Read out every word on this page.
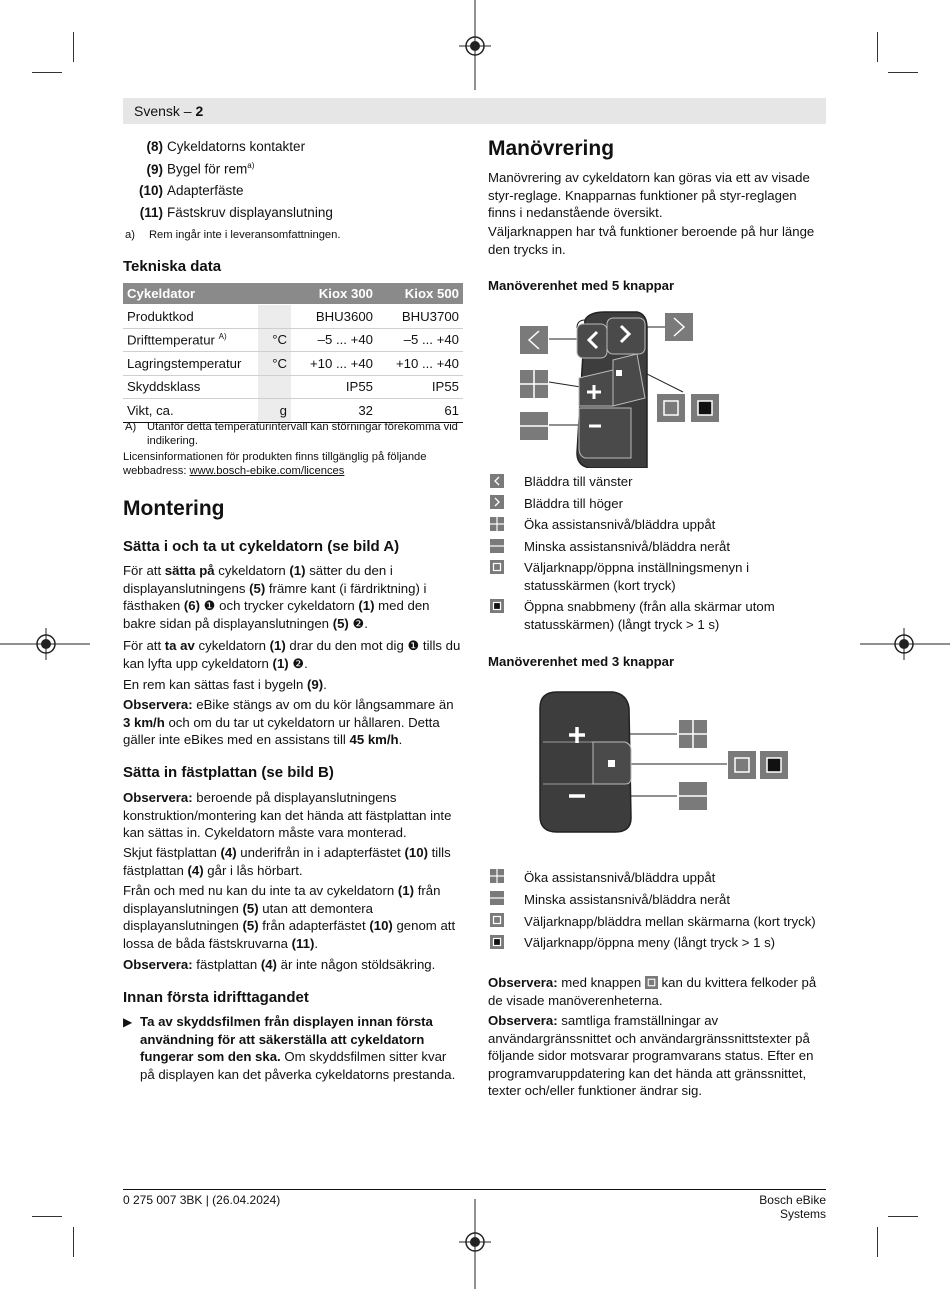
Svensk – 2
(8) Cykeldatorns kontakter
(9) Bygel för rem$^{a)}$
(10) Adapterfäste
(11) Fästskruv displayanslutning
a) Rem ingår inte i leveransomfattningen.
Tekniska data
Cykeldator		Kiox 300	Kiox 500
Produktkod		BHU3600	BHU3700
Drifttemperatur $^{A)}$	°C	–5 ... +40	–5 ... +40
Lagringstemperatur	°C	+10 ... +40	+10 ... +40
Skyddsklass		IP55	IP55
Vikt, ca.	g	32	61
A) Utanför detta temperaturintervall kan störningar förekomma vid indikering.
Licensinformationen för produkten finns tillgänglig på följande webbadress: www.bosch-ebike.com/licences
Montering
Sätta i och ta ut cykeldatorn (se bild A)
För att sätta på cykeldatorn (1) sätter du den i displayanslutningens (5) främre kant (i färdriktning) i fästhaken (6) ❶ och trycker cykeldatorn (1) med den bakre sidan på displayanslutningen (5) ❷.
För att ta av cykeldatorn (1) drar du den mot dig ❶ tills du kan lyfta upp cykeldatorn (1) ❷.
En rem kan sättas fast i bygeln (9).
Observera: eBike stängs av om du kör långsammare än 3 km/h och om du tar ut cykeldatorn ur hållaren. Detta gäller inte eBikes med en assistans till 45 km/h.
Sätta in fästplattan (se bild B)
Observera: beroende på displayanslutningens konstruktion/montering kan det hända att fästplattan inte kan sättas in. Cykeldatorn måste vara monterad.
Skjut fästplattan (4) underifrån in i adapterfästet (10) tills fästplattan (4) går i lås hörbart.
Från och med nu kan du inte ta av cykeldatorn (1) från displayanslutningen (5) utan att demontera displayanslutningen (5) från adapterfästet (10) genom att lossa de båda fästskruvarna (11).
Observera: fästplattan (4) är inte någon stöldsäkring.
Innan första idrifttagandet
▶ Ta av skyddsfilmen från displayen innan första användning för att säkerställa att cykeldatorn fungerar som den ska. Om skyddsfilmen sitter kvar på displayen kan det påverka cykeldatorns prestanda.
Manövrering
Manövrering av cykeldatorn kan göras via ett av visade styr-reglage. Knapparnas funktioner på styr-reglagen finns i nedanstående översikt.
Väljarknappen har två funktioner beroende på hur länge den trycks in.
Manöverenhet med 5 knappar
Bläddra till vänster
Bläddra till höger
Öka assistansnivå/bläddra uppåt
Minska assistansnivå/bläddra neråt
Väljarknapp/öppna inställningsmenyn i statusskärmen (kort tryck)
Öppna snabbmeny (från alla skärmar utom statusskärmen) (långt tryck > 1 s)
Manöverenhet med 3 knappar
Öka assistansnivå/bläddra uppåt
Minska assistansnivå/bläddra neråt
Väljarknapp/bläddra mellan skärmarna (kort tryck)
Väljarknapp/öppna meny (långt tryck > 1 s)
Observera: med knappen  kan du kvittera felkoder på de visade manöverenheterna.
Observera: samtliga framställningar av användargränssnittet och användargränssnittstexter på följande sidor motsvarar programvarans status. Efter en programvaruppdatering kan det hända att gränssnittet, texter och/eller funktioner ändrar sig.
0 275 007 3BK | (26.04.2024)	Bosch eBike Systems
